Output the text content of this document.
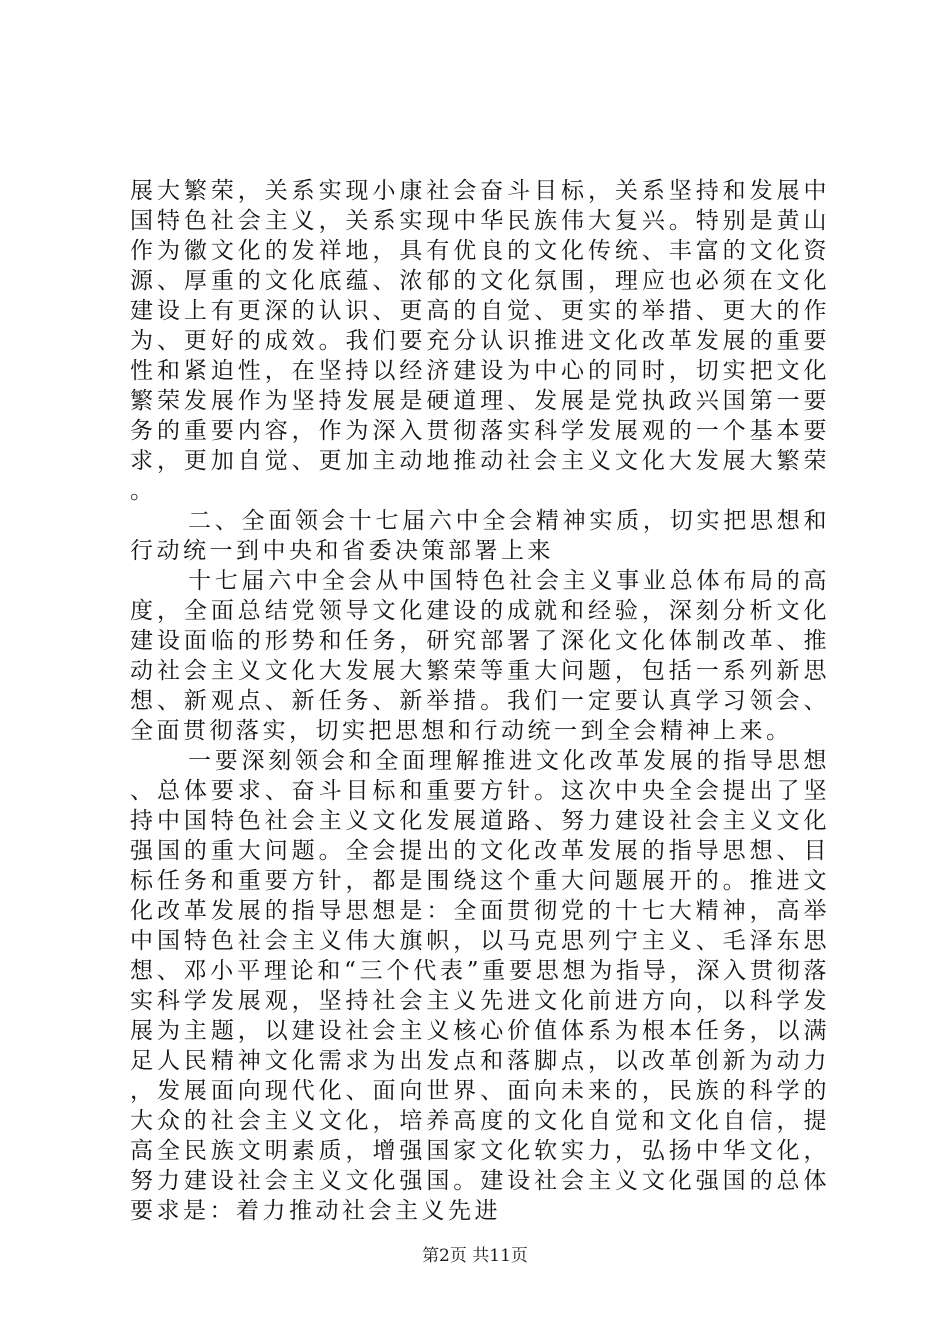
展大繁荣，关系实现小康社会奋斗目标，关系坚持和发展中国特色社会主义，关系实现中华民族伟大复兴。特别是黄山作为徽文化的发祥地，具有优良的文化传统、丰富的文化资源、厚重的文化底蕴、浓郁的文化氛围，理应也必须在文化建设上有更深的认识、更高的自觉、更实的举措、更大的作为、更好的成效。我们要充分认识推进文化改革发展的重要性和紧迫性，在坚持以经济建设为中心的同时，切实把文化繁荣发展作为坚持发展是硬道理、发展是党执政兴国第一要务的重要内容，作为深入贯彻落实科学发展观的一个基本要求，更加自觉、更加主动地推动社会主义文化大发展大繁荣。

二、全面领会十七届六中全会精神实质，切实把思想和行动统一到中央和省委决策部署上来

十七届六中全会从中国特色社会主义事业总体布局的高度，全面总结党领导文化建设的成就和经验，深刻分析文化建设面临的形势和任务，研究部署了深化文化体制改革、推动社会主义文化大发展大繁荣等重大问题，包括一系列新思想、新观点、新任务、新举措。我们一定要认真学习领会、全面贯彻落实，切实把思想和行动统一到全会精神上来。

一要深刻领会和全面理解推进文化改革发展的指导思想、总体要求、奋斗目标和重要方针。这次中央全会提出了坚持中国特色社会主义文化发展道路、努力建设社会主义文化强国的重大问题。全会提出的文化改革发展的指导思想、目标任务和重要方针，都是围绕这个重大问题展开的。推进文化改革发展的指导思想是：全面贯彻党的十七大精神，高举中国特色社会主义伟大旗帜，以马克思列宁主义、毛泽东思想、邓小平理论和“三个代表”重要思想为指导，深入贯彻落实科学发展观，坚持社会主义先进文化前进方向，以科学发展为主题，以建设社会主义核心价值体系为根本任务，以满足人民精神文化需求为出发点和落脚点，以改革创新为动力，发展面向现代化、面向世界、面向未来的，民族的科学的大众的社会主义文化，培养高度的文化自觉和文化自信，提高全民族文明素质，增强国家文化软实力，弘扬中华文化，努力建设社会主义文化强国。建设社会主义文化强国的总体要求是：着力推动社会主义先进

第2页 共11页
